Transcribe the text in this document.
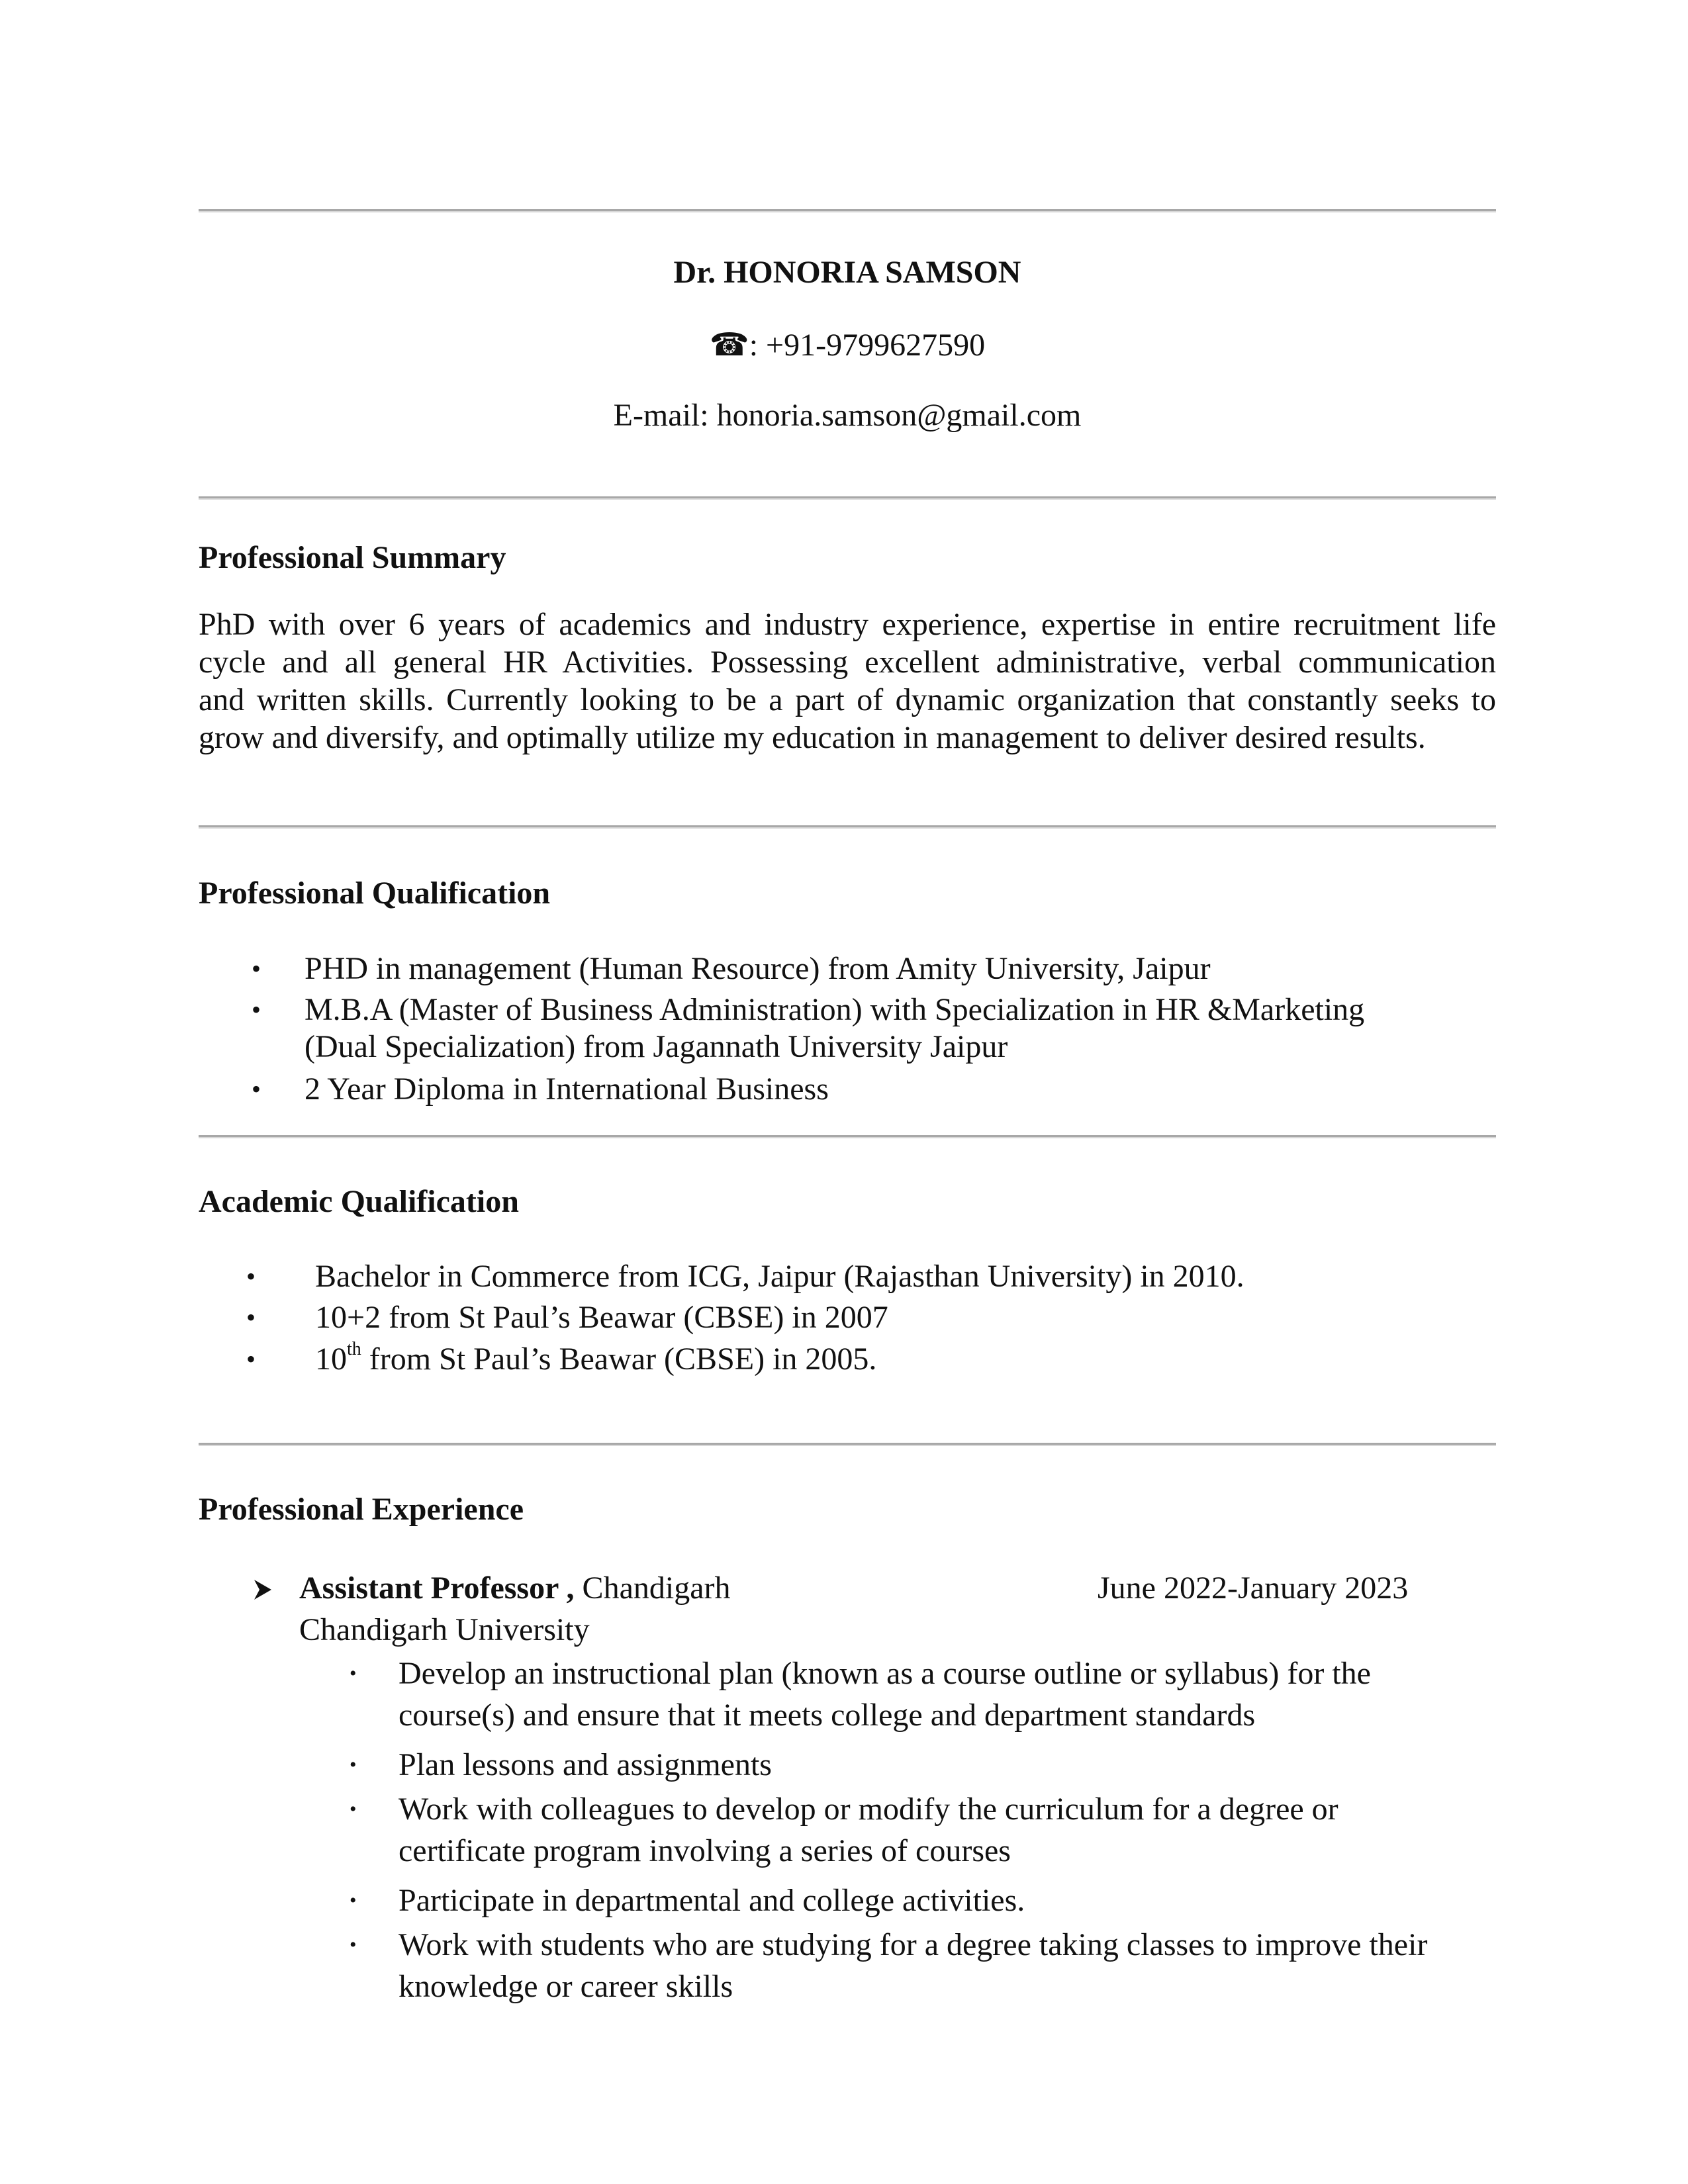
Dr. HONORIA SAMSON
☎: +91-9799627590
E-mail: honoria.samson@gmail.com
Professional Summary
PhD with over 6 years of academics and industry experience, expertise in entire recruitment life
cycle and all general HR Activities. Possessing excellent administrative, verbal communication
and written skills. Currently looking to be a part of dynamic organization that constantly seeks to
grow and diversify, and optimally utilize my education in management to deliver desired results.
Professional Qualification
• PHD in management (Human Resource) from Amity University, Jaipur
• M.B.A (Master of Business Administration) with Specialization in HR &Marketing
(Dual Specialization) from Jagannath University Jaipur
• 2 Year Diploma in International Business
Academic Qualification
• Bachelor in Commerce from ICG, Jaipur (Rajasthan University) in 2010.
• 10+2 from St Paul’s Beawar (CBSE) in 2007
• 10th from St Paul’s Beawar (CBSE) in 2005.
Professional Experience
Assistant Professor , Chandigarh	June 2022-January 2023
Chandigarh University
• Develop an instructional plan (known as a course outline or syllabus) for the
course(s) and ensure that it meets college and department standards
• Plan lessons and assignments
• Work with colleagues to develop or modify the curriculum for a degree or
certificate program involving a series of courses
• Participate in departmental and college activities.
• Work with students who are studying for a degree taking classes to improve their
knowledge or career skills
